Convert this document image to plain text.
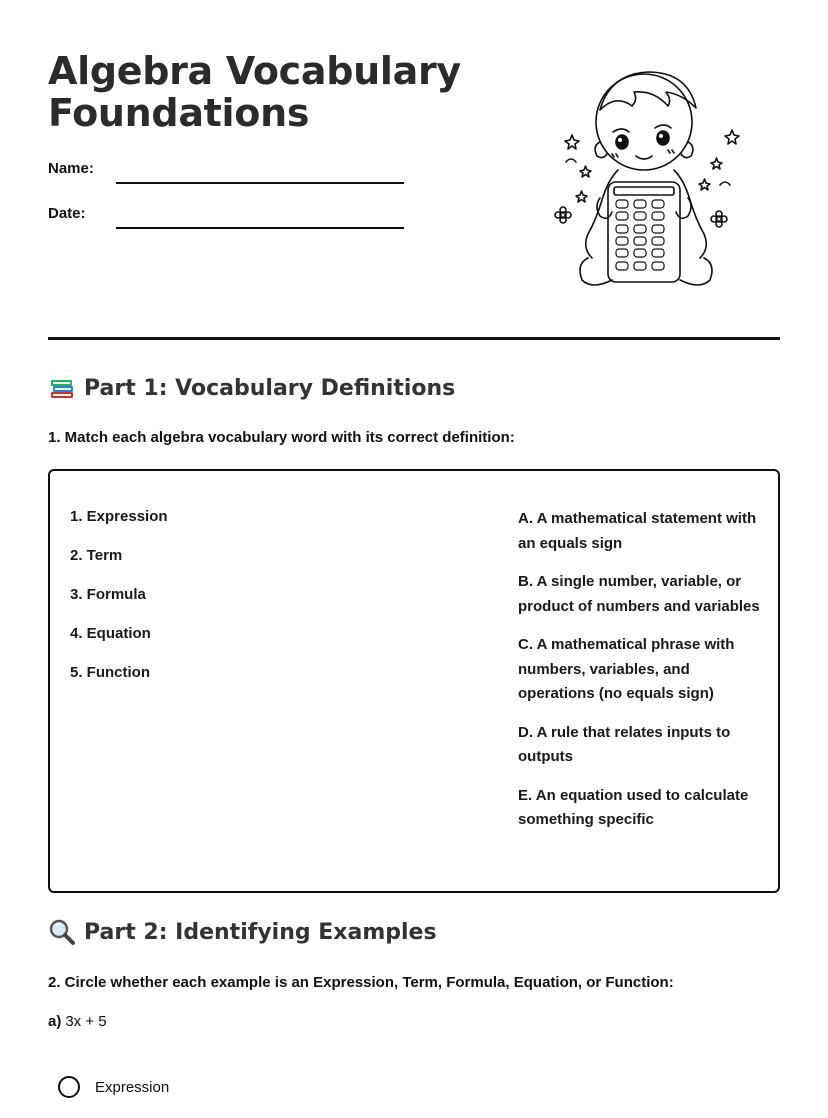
Algebra Vocabulary
Foundations
Name:
Date:
Part 1: Vocabulary Definitions
1. Match each algebra vocabulary word with its correct definition:
1. Expression
2. Term
3. Formula
4. Equation
5. Function
A. A mathematical statement with an equals sign
B. A single number, variable, or product of numbers and variables
C. A mathematical phrase with numbers, variables, and operations (no equals sign)
D. A rule that relates inputs to outputs
E. An equation used to calculate something specific
Part 2: Identifying Examples
2. Circle whether each example is an Expression, Term, Formula, Equation, or Function:
a) 3x + 5
Expression
